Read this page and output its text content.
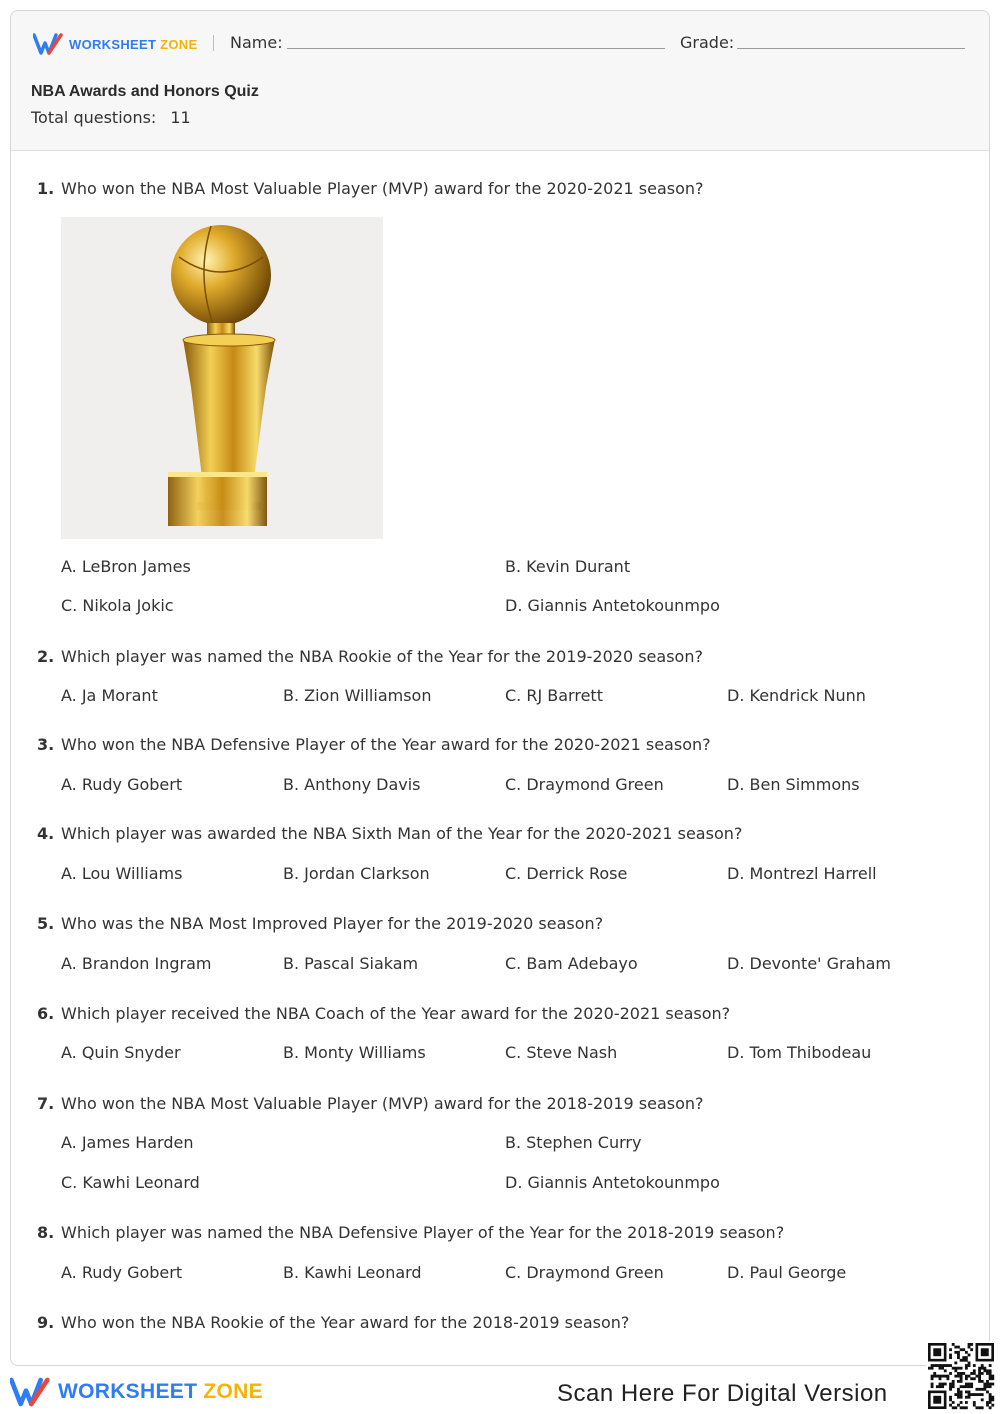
WORKSHEET ZONE Name:	Grade:
NBA Awards and Honors Quiz
Total questions: 11
1. Who won the NBA Most Valuable Player (MVP) award for the 2020-2021 season?
A. LeBron James	B. Kevin Durant
C. Nikola Jokic	D. Giannis Antetokounmpo
2. Which player was named the NBA Rookie of the Year for the 2019-2020 season?
A. Ja Morant	B. Zion Williamson	C. RJ Barrett	D. Kendrick Nunn
3. Who won the NBA Defensive Player of the Year award for the 2020-2021 season?
A. Rudy Gobert	B. Anthony Davis	C. Draymond Green	D. Ben Simmons
4. Which player was awarded the NBA Sixth Man of the Year for the 2020-2021 season?
A. Lou Williams	B. Jordan Clarkson	C. Derrick Rose	D. Montrezl Harrell
5. Who was the NBA Most Improved Player for the 2019-2020 season?
A. Brandon Ingram	B. Pascal Siakam	C. Bam Adebayo	D. Devonte' Graham
6. Which player received the NBA Coach of the Year award for the 2020-2021 season?
A. Quin Snyder	B. Monty Williams	C. Steve Nash	D. Tom Thibodeau
7. Who won the NBA Most Valuable Player (MVP) award for the 2018-2019 season?
A. James Harden	B. Stephen Curry
C. Kawhi Leonard	D. Giannis Antetokounmpo
8. Which player was named the NBA Defensive Player of the Year for the 2018-2019 season?
A. Rudy Gobert	B. Kawhi Leonard	C. Draymond Green	D. Paul George
9. Who won the NBA Rookie of the Year award for the 2018-2019 season?
WORKSHEET ZONE	Scan Here For Digital Version
